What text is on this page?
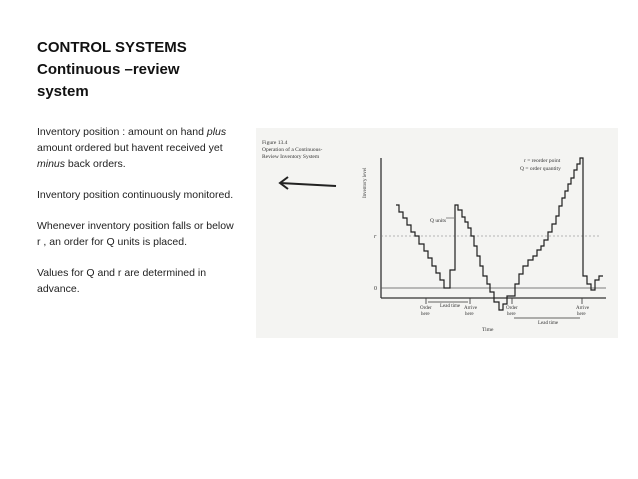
CONTROL SYSTEMS
Continuous –review
system

Inventory position : amount on hand plus amount ordered but havent received yet minus back orders.

Inventory position continuously monitored.

Whenever inventory position falls or below r , an order for Q units is placed.

Values for Q and r are determined in advance.

Figure 13.4
Operation of a Continuous-
Review Inventory System
r = reorder point
Q = order quantity
Inventory level
r
0
Q units
Order
here
Lead time Arrive
here
Order
here
Lead time
Arrive
here
Time
